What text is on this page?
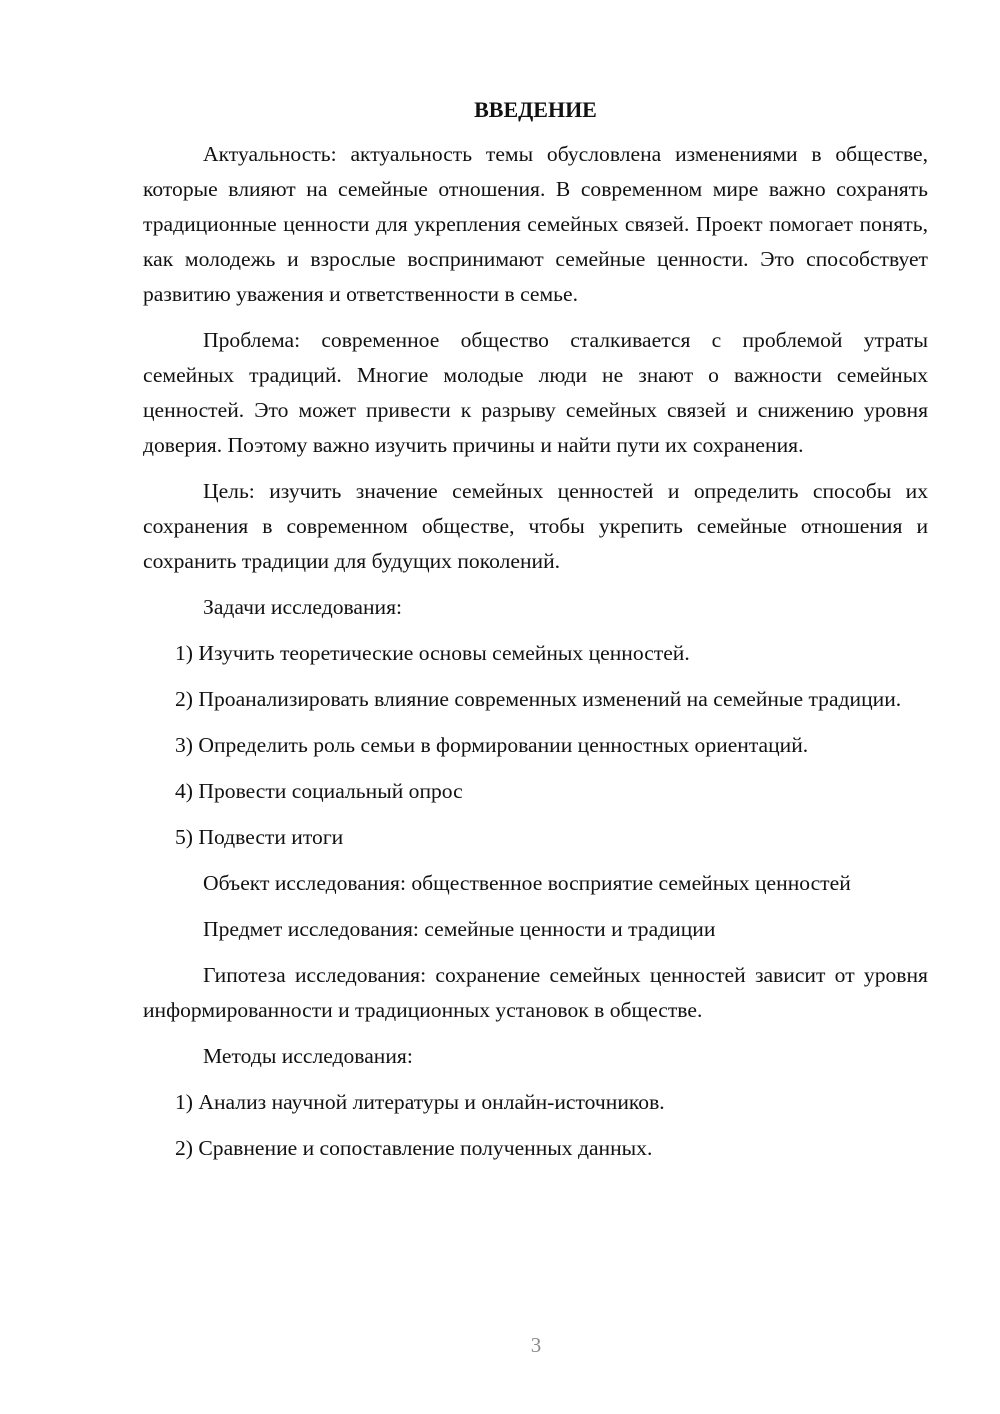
ВВЕДЕНИЕ

Актуальность: актуальность темы обусловлена изменениями в обществе, которые влияют на семейные отношения. В современном мире важно сохранять традиционные ценности для укрепления семейных связей. Проект помогает понять, как молодежь и взрослые воспринимают семейные ценности. Это способствует развитию уважения и ответственности в семье.

Проблема: современное общество сталкивается с проблемой утраты семейных традиций. Многие молодые люди не знают о важности семейных ценностей. Это может привести к разрыву семейных связей и снижению уровня доверия. Поэтому важно изучить причины и найти пути их сохранения.

Цель: изучить значение семейных ценностей и определить способы их сохранения в современном обществе, чтобы укрепить семейные отношения и сохранить традиции для будущих поколений.

Задачи исследования:

1) Изучить теоретические основы семейных ценностей.

2) Проанализировать влияние современных изменений на семейные традиции.

3) Определить роль семьи в формировании ценностных ориентаций.

4) Провести социальный опрос

5) Подвести итоги

Объект исследования: общественное восприятие семейных ценностей

Предмет исследования: семейные ценности и традиции

Гипотеза исследования: сохранение семейных ценностей зависит от уровня информированности и традиционных установок в обществе.

Методы исследования:

1) Анализ научной литературы и онлайн-источников.

2) Сравнение и сопоставление полученных данных.

3
